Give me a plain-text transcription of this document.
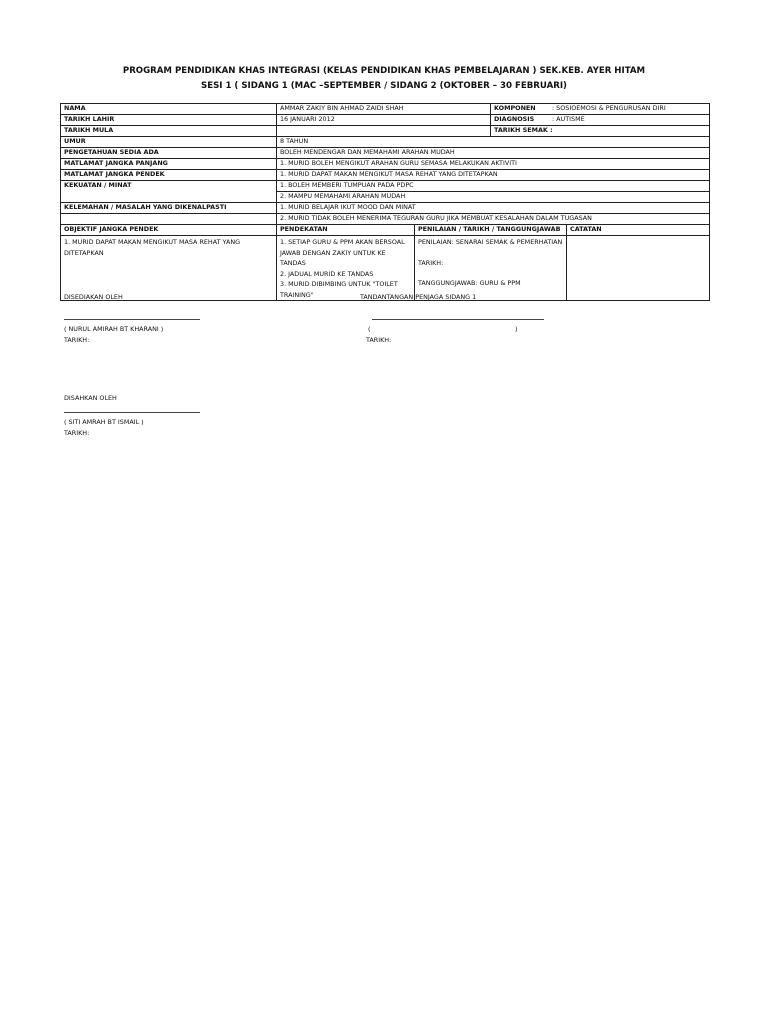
PROGRAM PENDIDIKAN KHAS INTEGRASI (KELAS PENDIDIKAN KHAS PEMBELAJARAN ) SEK.KEB. AYER HITAM
SESI 1 ( SIDANG 1 (MAC –SEPTEMBER / SIDANG 2 (OKTOBER – 30 FEBRUARI)
NAMA	AMMAR ZAKIY BIN AHMAD ZAIDI SHAH		KOMPONEN : SOSIOEMOSI & PENGURUSAN DIRI	
TARIKH LAHIR	16 JANUARI 2012		DIAGNOSIS : AUTISME	
TARIKH MULA			TARIKH SEMAK :	
UMUR	8 TAHUN			
PENGETAHUAN SEDIA ADA	BOLEH MENDENGAR DAN MEMAHAMI ARAHAN MUDAH			
MATLAMAT JANGKA PANJANG	1. MURID BOLEH MENGIKUT ARAHAN GURU SEMASA MELAKUKAN AKTIVITI			
MATLAMAT JANGKA PENDEK	1. MURID DAPAT MAKAN MENGIKUT MASA REHAT YANG DITETAPKAN			
KEKUATAN / MINAT	1. BOLEH MEMBERI TUMPUAN PADA PDPC			
	2. MAMPU MEMAHAMI ARAHAN MUDAH			
KELEMAHAN / MASALAH YANG DIKENALPASTI	1. MURID BELAJAR IKUT MOOD DAN MINAT			
	2. MURID TIDAK BOLEH MENERIMA TEGURAN GURU JIKA MEMBUAT KESALAHAN DALAM TUGASAN			
OBJEKTIF JANGKA PENDEK	PENDEKATAN	PENILAIAN / TARIKH / TANGGUNGJAWAB		CATATAN
1. MURID DAPAT MAKAN MENGIKUT MASA REHAT YANG DITETAPKAN	1. SETIAP GURU & PPM AKAN BERSOAL JAWAB DENGAN ZAKIY UNTUK KE TANDAS
2. JADUAL MURID KE TANDAS
3. MURID DIBIMBING UNTUK "TOILET TRAINING"	PENILAIAN: SENARAI SEMAK & PEMERHATIAN
TARIKH:
TANGGUNGJAWAB: GURU & PPM		

DISEDIAKAN OLEH	TANDANTANGAN PENJAGA SIDANG 1
( NURUL AMIRAH BT KHARANI )	(	)
TARIKH:	TARIKH:
DISAHKAN OLEH
( SITI AMRAH BT ISMAIL )
TARIKH:
